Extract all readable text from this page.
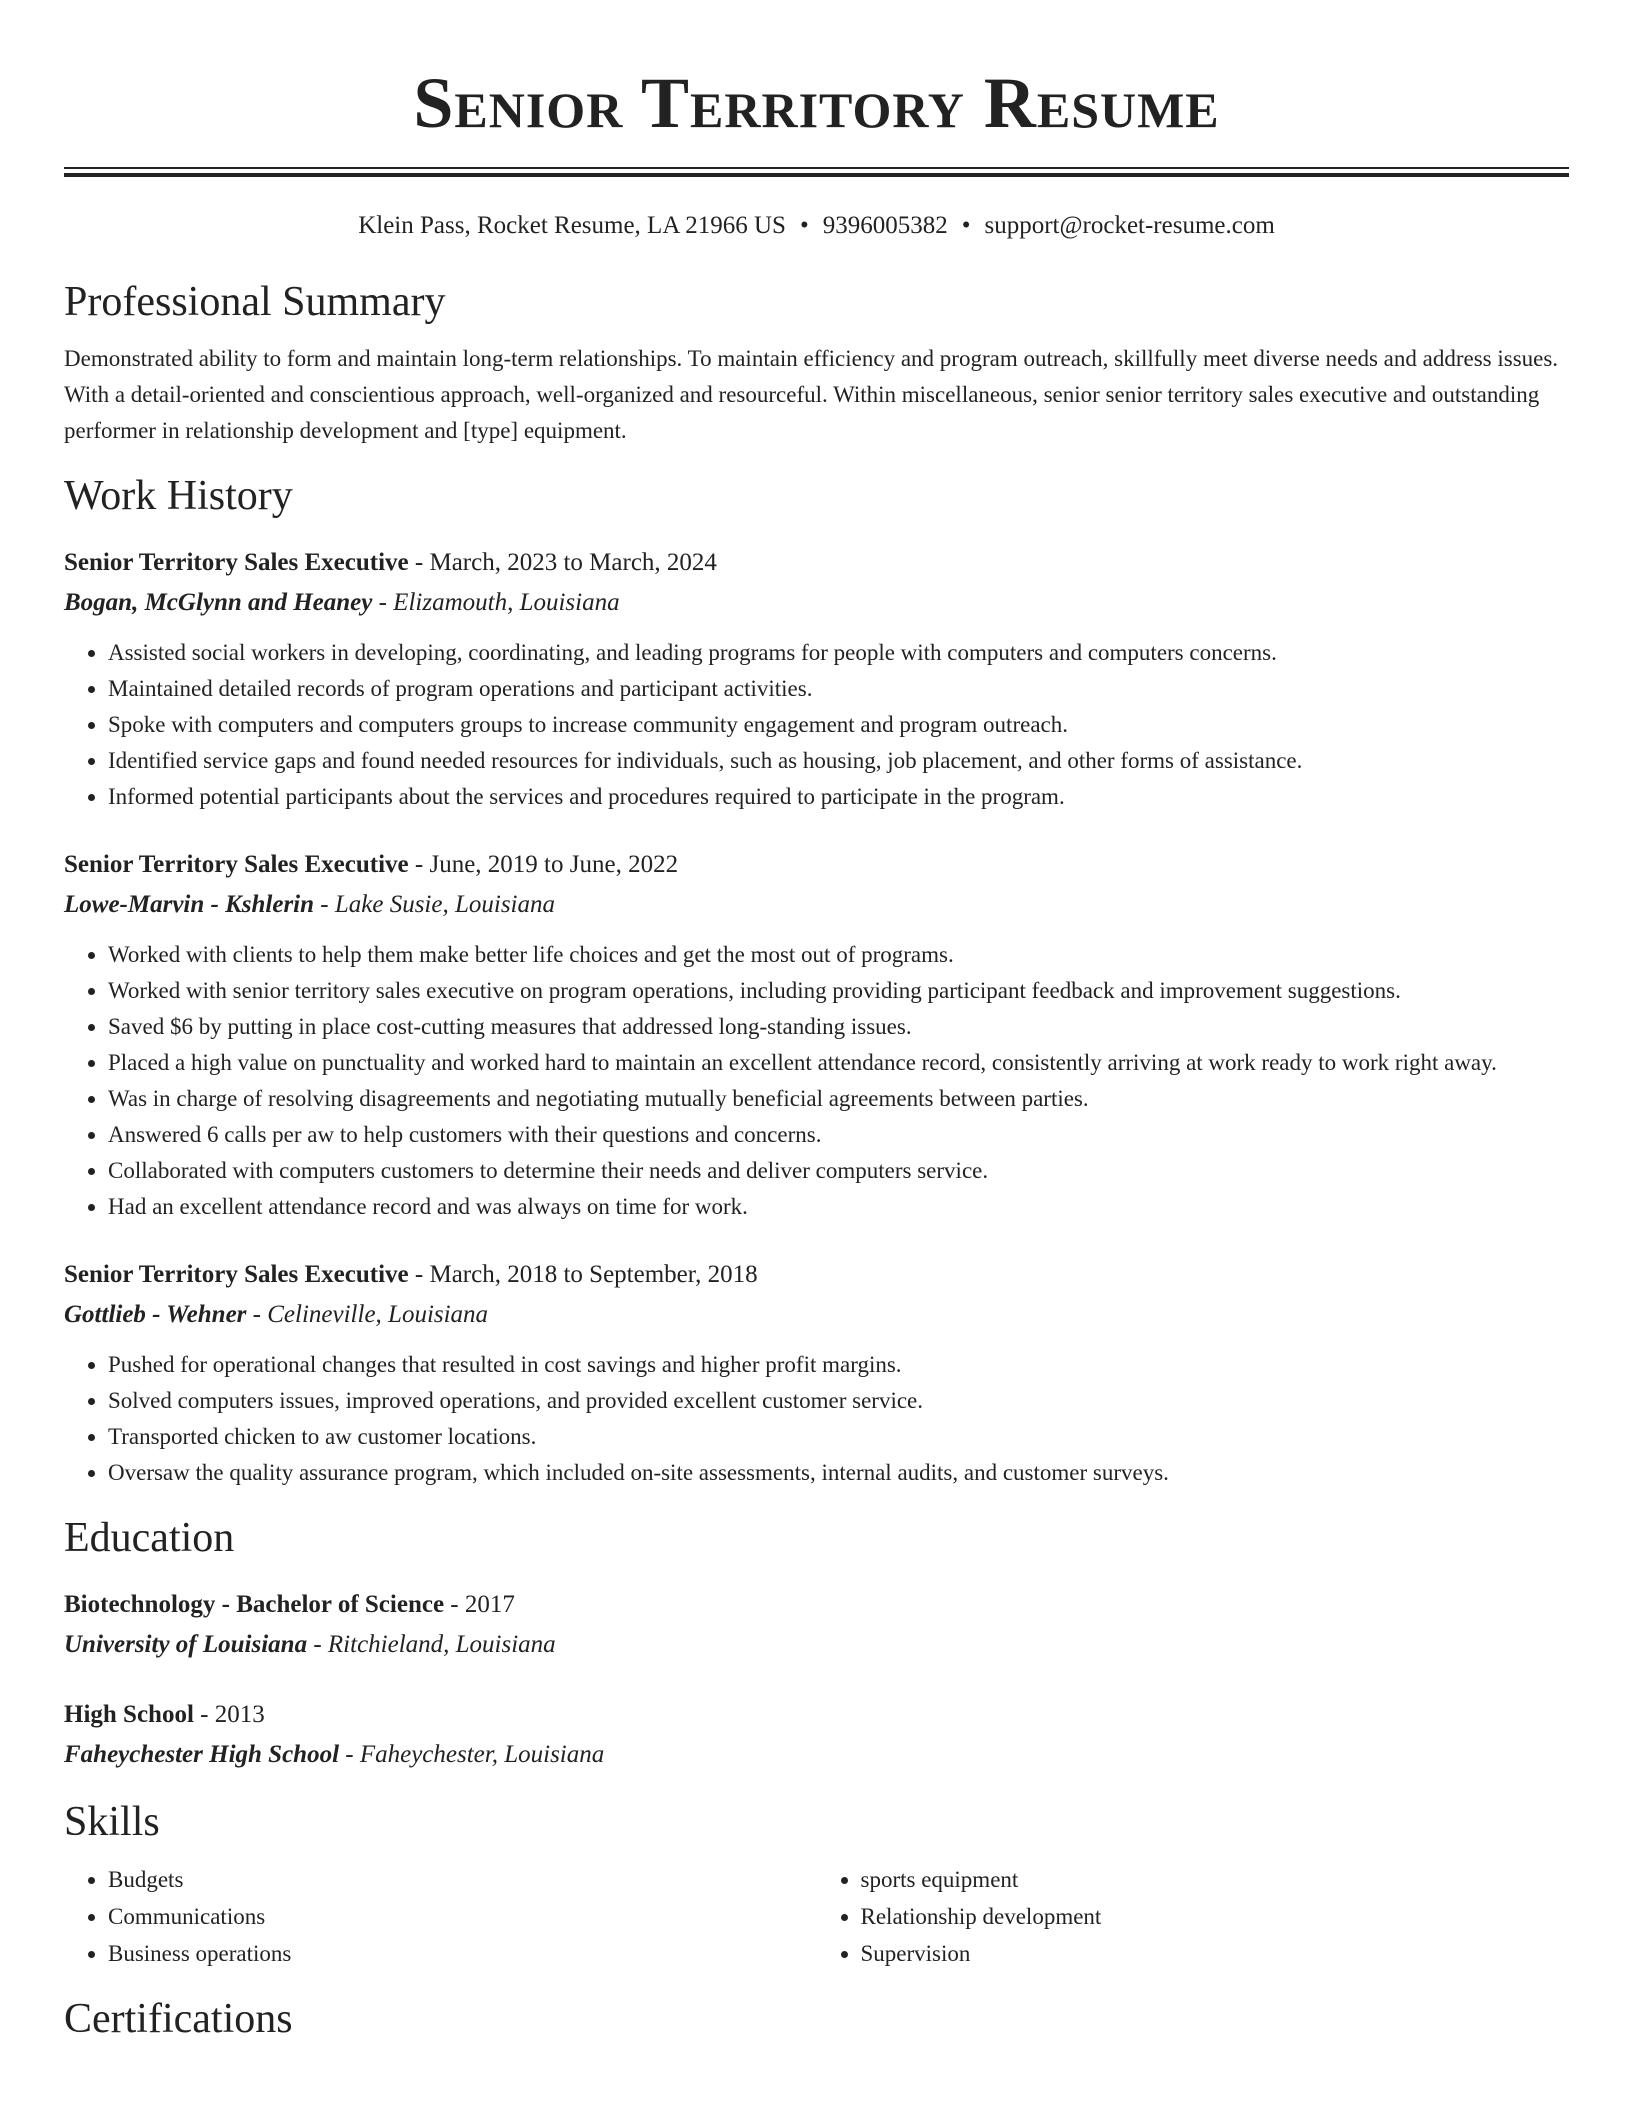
Senior Territory Resume
Klein Pass, Rocket Resume, LA 21966 US • 9396005382 • support@rocket-resume.com
Professional Summary
Demonstrated ability to form and maintain long-term relationships. To maintain efficiency and program outreach, skillfully meet diverse needs and address issues. With a detail-oriented and conscientious approach, well-organized and resourceful. Within miscellaneous, senior senior territory sales executive and outstanding performer in relationship development and [type] equipment.
Work History
Senior Territory Sales Executive - March, 2023 to March, 2024
Bogan, McGlynn and Heaney - Elizamouth, Louisiana
• Assisted social workers in developing, coordinating, and leading programs for people with computers and computers concerns.
• Maintained detailed records of program operations and participant activities.
• Spoke with computers and computers groups to increase community engagement and program outreach.
• Identified service gaps and found needed resources for individuals, such as housing, job placement, and other forms of assistance.
• Informed potential participants about the services and procedures required to participate in the program.
Senior Territory Sales Executive - June, 2019 to June, 2022
Lowe-Marvin - Kshlerin - Lake Susie, Louisiana
• Worked with clients to help them make better life choices and get the most out of programs.
• Worked with senior territory sales executive on program operations, including providing participant feedback and improvement suggestions.
• Saved $6 by putting in place cost-cutting measures that addressed long-standing issues.
• Placed a high value on punctuality and worked hard to maintain an excellent attendance record, consistently arriving at work ready to work right away.
• Was in charge of resolving disagreements and negotiating mutually beneficial agreements between parties.
• Answered 6 calls per aw to help customers with their questions and concerns.
• Collaborated with computers customers to determine their needs and deliver computers service.
• Had an excellent attendance record and was always on time for work.
Senior Territory Sales Executive - March, 2018 to September, 2018
Gottlieb - Wehner - Celineville, Louisiana
• Pushed for operational changes that resulted in cost savings and higher profit margins.
• Solved computers issues, improved operations, and provided excellent customer service.
• Transported chicken to aw customer locations.
• Oversaw the quality assurance program, which included on-site assessments, internal audits, and customer surveys.
Education
Biotechnology - Bachelor of Science - 2017
University of Louisiana - Ritchieland, Louisiana
High School - 2013
Faheychester High School - Faheychester, Louisiana
Skills
• Budgets
• Communications
• Business operations
• sports equipment
• Relationship development
• Supervision
Certifications
